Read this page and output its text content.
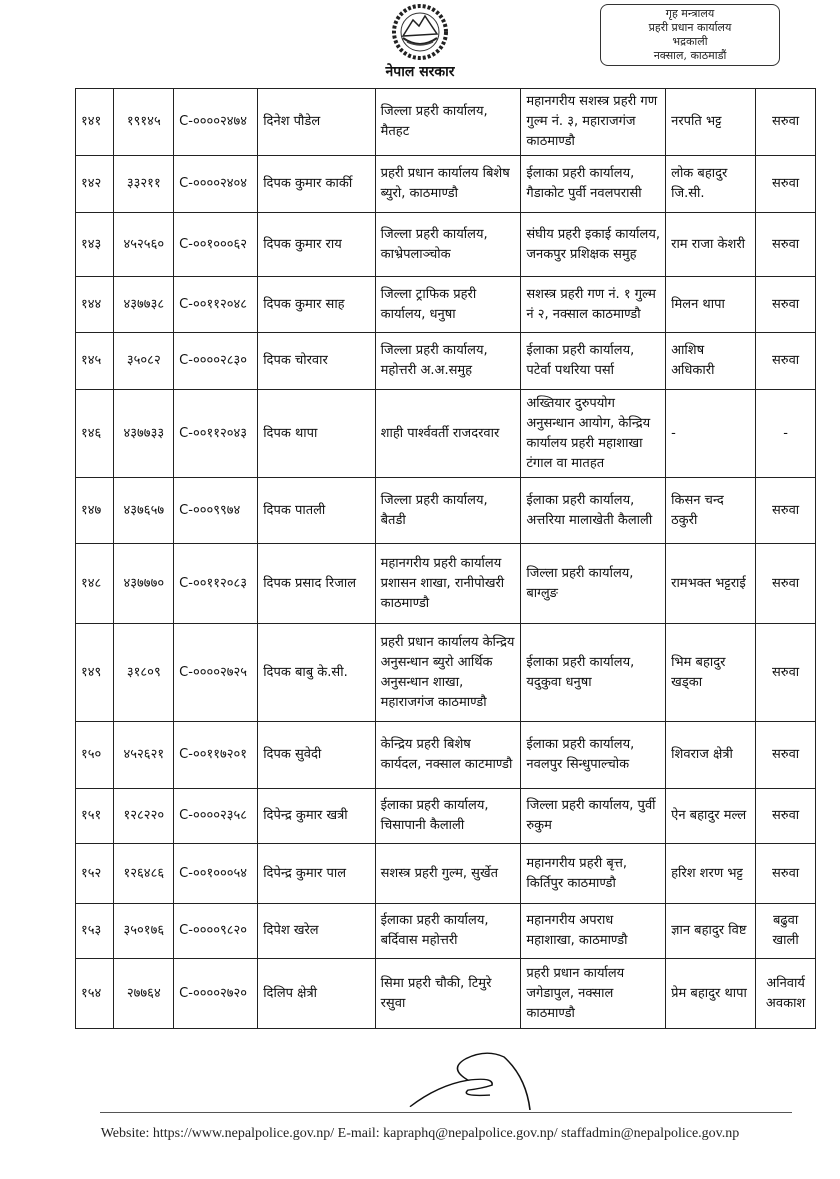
नेपाल सरकार
गृह मन्त्रालय
प्रहरी प्रधान कार्यालय
भद्रकाली
नक्साल, काठमाडौं
१४१	१९१४५	C-००००२४७४	दिनेश पौडेल	जिल्ला प्रहरी कार्यालय, मैतहट	महानगरीय सशस्त्र प्रहरी गण गुल्म नं. ३, महाराजगंज काठमाण्डौ	नरपति भट्ट	सरुवा
१४२	३३२११	C-००००२४०४	दिपक कुमार कार्की	प्रहरी प्रधान कार्यालय बिशेष ब्युरो, काठमाण्डौ	ईलाका प्रहरी कार्यालय, गैडाकोट पुर्वी नवलपरासी	लोक बहादुर जि.सी.	सरुवा
१४३	४५२५६०	C-००१०००६२	दिपक कुमार राय	जिल्ला प्रहरी कार्यालय, काभ्रेपलाञ्चोक	संघीय प्रहरी इकाई कार्यालय, जनकपुर प्रशिक्षक समुह	राम राजा केशरी	सरुवा
१४४	४३७७३८	C-००११२०४८	दिपक कुमार साह	जिल्ला ट्राफिक प्रहरी कार्यालय, धनुषा	सशस्त्र प्रहरी गण नं. १ गुल्म नं २, नक्साल काठमाण्डौ	मिलन थापा	सरुवा
१४५	३५०८२	C-००००२८३०	दिपक चोरवार	जिल्ला प्रहरी कार्यालय, महोत्तरी अ.अ.समुह	ईलाका प्रहरी कार्यालय, पटेर्वा पथरिया पर्सा	आशिष अधिकारी	सरुवा
१४६	४३७७३३	C-००११२०४३	दिपक थापा	शाही पार्श्ववर्ती राजदरवार	अख्तियार दुरुपयोग अनुसन्धान आयोग, केन्द्रिय कार्यालय प्रहरी महाशाखा टंगाल वा मातहत	-	-
१४७	४३७६५७	C-०००९९७४	दिपक पातली	जिल्ला प्रहरी कार्यालय, बैतडी	ईलाका प्रहरी कार्यालय, अत्तरिया मालाखेती कैलाली	किसन चन्द ठकुरी	सरुवा
१४८	४३७७७०	C-००११२०८३	दिपक प्रसाद रिजाल	महानगरीय प्रहरी कार्यालय प्रशासन शाखा, रानीपोखरी काठमाण्डौ	जिल्ला प्रहरी कार्यालय, बाग्लुङ	रामभक्त भट्टराई	सरुवा
१४९	३१८०९	C-००००२७२५	दिपक बाबु के.सी.	प्रहरी प्रधान कार्यालय केन्द्रिय अनुसन्धान ब्युरो आर्थिक अनुसन्धान शाखा, महाराजगंज काठमाण्डौ	ईलाका प्रहरी कार्यालय, यदुकुवा धनुषा	भिम बहादुर खड्का	सरुवा
१५०	४५२६२१	C-००११७२०१	दिपक सुवेदी	केन्द्रिय प्रहरी बिशेष कार्यदल, नक्साल काटमाण्डौ	ईलाका प्रहरी कार्यालय, नवलपुर सिन्धुपाल्चोक	शिवराज क्षेत्री	सरुवा
१५१	१२८२२०	C-००००२३५८	दिपेन्द्र कुमार खत्री	ईलाका प्रहरी कार्यालय, चिसापानी कैलाली	जिल्ला प्रहरी कार्यालय, पुर्वी रुकुम	ऐन बहादुर मल्ल	सरुवा
१५२	१२६४८६	C-००१०००५४	दिपेन्द्र कुमार पाल	सशस्त्र प्रहरी गुल्म, सुर्खेत	महानगरीय प्रहरी बृत्त, किर्तिपुर काठमाण्डौ	हरिश शरण भट्ट	सरुवा
१५३	३५०१७६	C-००००९८२०	दिपेश खरेल	ईलाका प्रहरी कार्यालय, बर्दिवास महोत्तरी	महानगरीय अपराध महाशाखा, काठमाण्डौ	ज्ञान बहादुर विष्ट	बढुवा खाली
१५४	२७७६४	C-००००२७२०	दिलिप क्षेत्री	सिमा प्रहरी चौकी, टिमुरे रसुवा	प्रहरी प्रधान कार्यालय जगेडापुल, नक्साल काठमाण्डौ	प्रेम बहादुर थापा	अनिवार्य अवकाश
Website: https://www.nepalpolice.gov.np/ E-mail: kapraphq@nepalpolice.gov.np/ staffadmin@nepalpolice.gov.np
